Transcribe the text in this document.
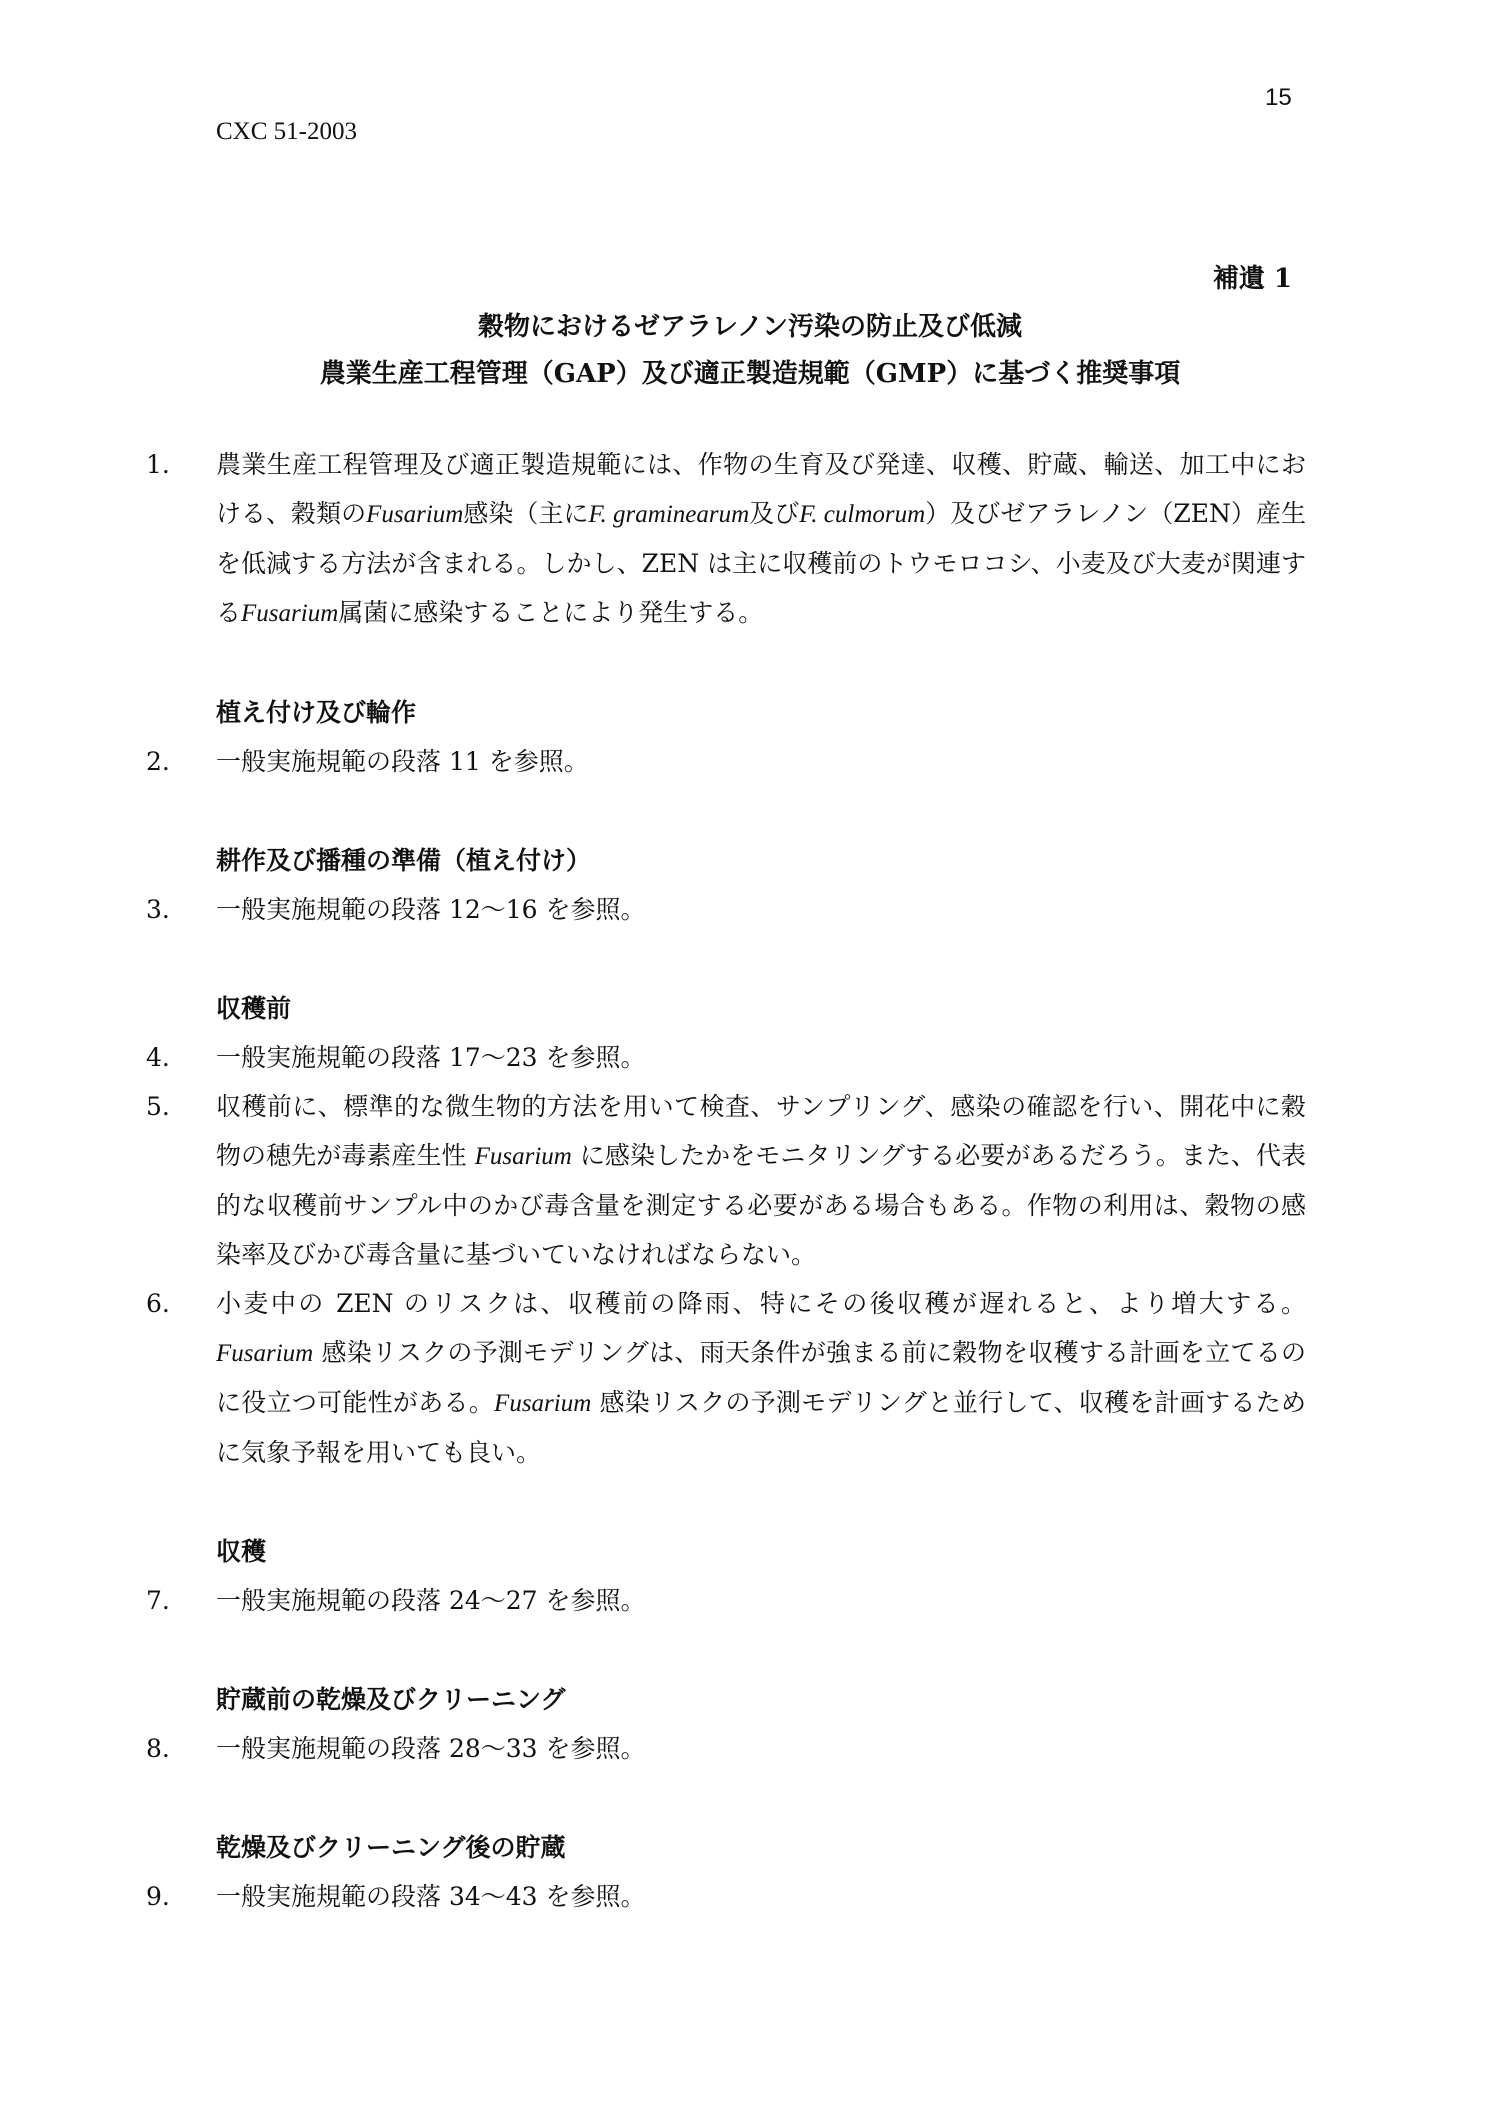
15
CXC 51-2003
補遺 1
穀物におけるゼアラレノン汚染の防止及び低減
農業生産工程管理（GAP）及び適正製造規範（GMP）に基づく推奨事項
1.	農業生産工程管理及び適正製造規範には、作物の生育及び発達、収穫、貯蔵、輸送、加工中における、穀類のFusarium感染（主にF. graminearum及びF. culmorum）及びゼアラレノン（ZEN）産生を低減する方法が含まれる。しかし、ZEN は主に収穫前のトウモロコシ、小麦及び大麦が関連するFusarium属菌に感染することにより発生する。
植え付け及び輪作
2.	一般実施規範の段落 11 を参照。
耕作及び播種の準備（植え付け）
3.	一般実施規範の段落 12〜16 を参照。
収穫前
4.	一般実施規範の段落 17〜23 を参照。
5.	収穫前に、標準的な微生物的方法を用いて検査、サンプリング、感染の確認を行い、開花中に穀物の穂先が毒素産生性 Fusarium に感染したかをモニタリングする必要があるだろう。また、代表的な収穫前サンプル中のかび毒含量を測定する必要がある場合もある。作物の利用は、穀物の感染率及びかび毒含量に基づいていなければならない。
6.	小麦中の ZEN のリスクは、収穫前の降雨、特にその後収穫が遅れると、より増大する。Fusarium 感染リスクの予測モデリングは、雨天条件が強まる前に穀物を収穫する計画を立てるのに役立つ可能性がある。Fusarium 感染リスクの予測モデリングと並行して、収穫を計画するために気象予報を用いても良い。
収穫
7.	一般実施規範の段落 24〜27 を参照。
貯蔵前の乾燥及びクリーニング
8.	一般実施規範の段落 28〜33 を参照。
乾燥及びクリーニング後の貯蔵
9.	一般実施規範の段落 34〜43 を参照。
